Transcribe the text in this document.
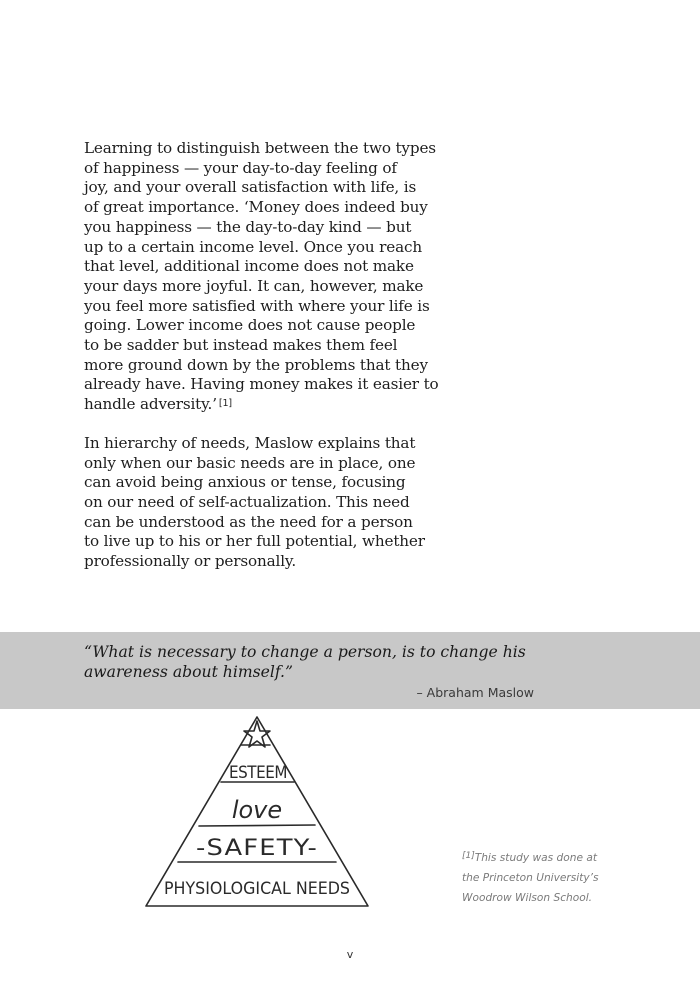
Learning to distinguish between the two types
of happiness — your day-to-day feeling of
joy, and your overall satisfaction with life, is
of great importance. ‘Money does indeed buy
you happiness — the day-to-day kind — but
up to a certain income level. Once you reach
that level, additional income does not make
your days more joyful. It can, however, make
you feel more satisfied with where your life is
going. Lower income does not cause people
to be sadder but instead makes them feel
more ground down by the problems that they
already have. Having money makes it easier to
handle adversity.’ [1]

In hierarchy of needs, Maslow explains that
only when our basic needs are in place, one
can avoid being anxious or tense, focusing
on our need of self-actualization. This need
can be understood as the need for a person
to live up to his or her full potential, whether
professionally or personally.

“What is necessary to change a person, is to change his
awareness about himself.”

– Abraham Maslow
ESTEEM
love
-SAFETY-
PHYSIOLOGICAL NEEDS

[1]This study was done at
the Princeton University’s
Woodrow Wilson School.

v
